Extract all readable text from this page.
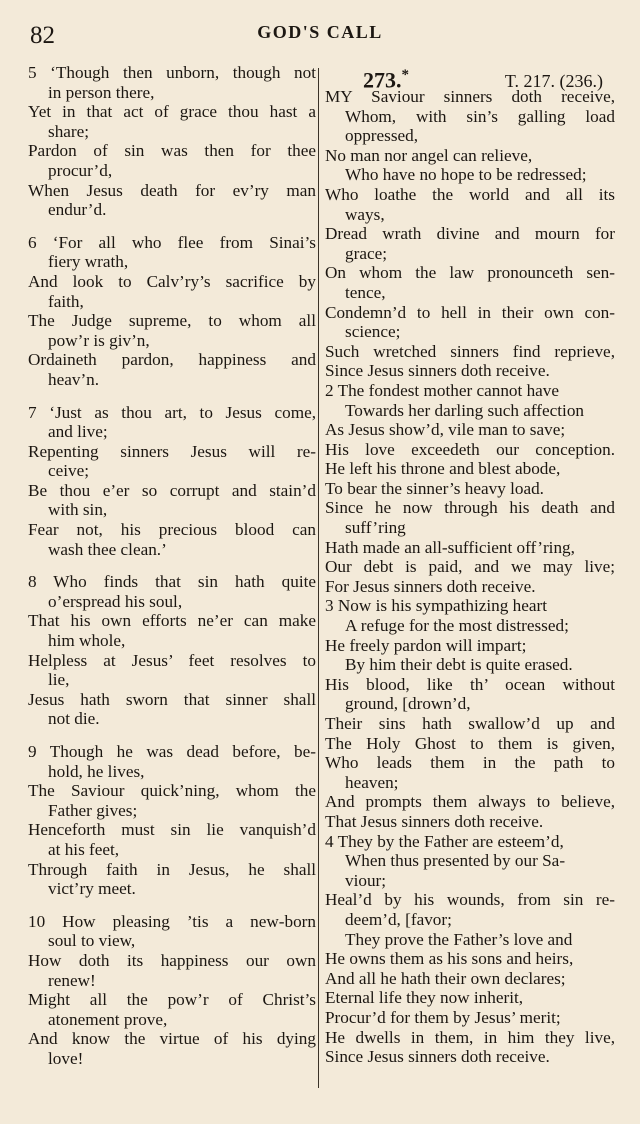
82	GOD'S CALL
5 ‘Though then unborn, though not
in person there,
Yet in that act of grace thou hast a
share;
Pardon of sin was then for thee
procur’d,
When Jesus death for ev’ry man
endur’d.
6 ‘For all who flee from Sinai’s
fiery wrath,
And look to Calv’ry’s sacrifice by
faith,
The Judge supreme, to whom all
pow’r is giv’n,
Ordaineth pardon, happiness and
heav’n.
7 ‘Just as thou art, to Jesus come,
and live;
Repenting sinners Jesus will re-
ceive;
Be thou e’er so corrupt and stain’d
with sin,
Fear not, his precious blood can
wash thee clean.’
8 Who finds that sin hath quite
o’erspread his soul,
That his own efforts ne’er can make
him whole,
Helpless at Jesus’ feet resolves to
lie,
Jesus hath sworn that sinner shall
not die.
9 Though he was dead before, be-
hold, he lives,
The Saviour quick’ning, whom the
Father gives;
Henceforth must sin lie vanquish’d
at his feet,
Through faith in Jesus, he shall
vict’ry meet.
10 How pleasing ’tis a new-born
soul to view,
How doth its happiness our own
renew!
Might all the pow’r of Christ’s
atonement prove,
And know the virtue of his dying
love!
273.*	T. 217. (236.)
MY Saviour sinners doth receive,
Whom, with sin’s galling load
oppressed,
No man nor angel can relieve,
Who have no hope to be redressed;
Who loathe the world and all its
ways,
Dread wrath divine and mourn for
grace;
On whom the law pronounceth sen-
tence,
Condemn’d to hell in their own con-
science;
Such wretched sinners find reprieve,
Since Jesus sinners doth receive.
2 The fondest mother cannot have
Towards her darling such affection
As Jesus show’d, vile man to save;
His love exceedeth our conception.
He left his throne and blest abode,
To bear the sinner’s heavy load.
Since he now through his death and
suff’ring
Hath made an all-sufficient off’ring,
Our debt is paid, and we may live;
For Jesus sinners doth receive.
3 Now is his sympathizing heart
A refuge for the most distressed;
He freely pardon will impart;
By him their debt is quite erased.
His blood, like th’ ocean without
ground, [drown’d,
Their sins hath swallow’d up and
The Holy Ghost to them is given,
Who leads them in the path to
heaven;
And prompts them always to believe,
That Jesus sinners doth receive.
4 They by the Father are esteem’d,
When thus presented by our Sa-
viour;
Heal’d by his wounds, from sin re-
deem’d, [favor;
They prove the Father’s love and
He owns them as his sons and heirs,
And all he hath their own declares;
Eternal life they now inherit,
Procur’d for them by Jesus’ merit;
He dwells in them, in him they live,
Since Jesus sinners doth receive.
